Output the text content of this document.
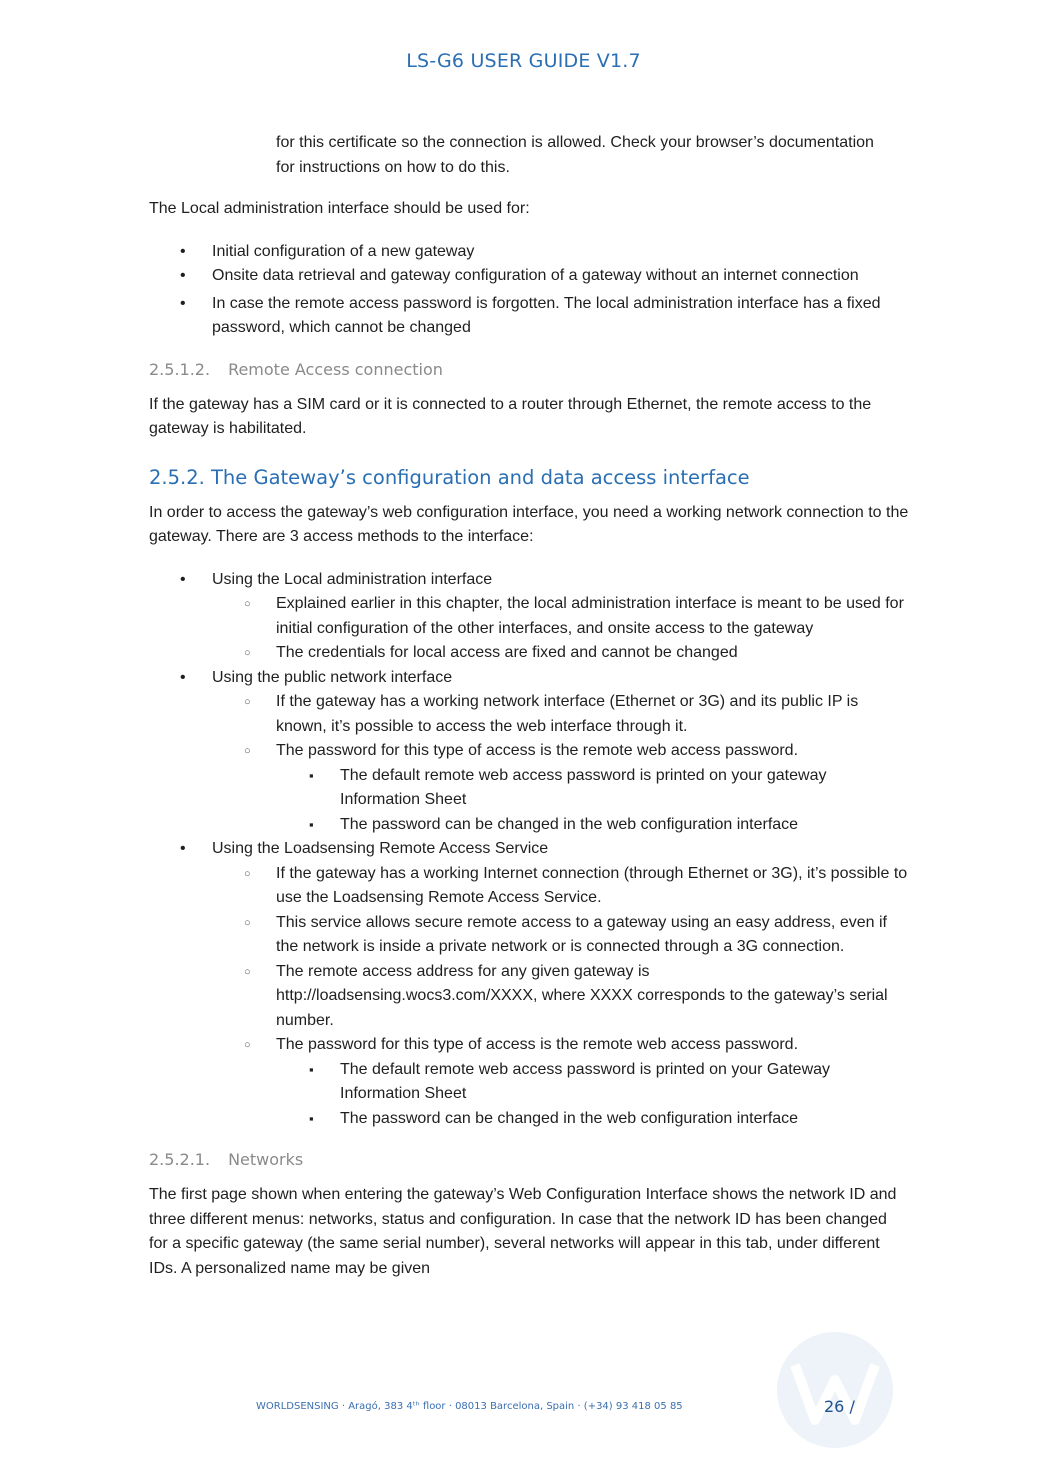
LS-G6 USER GUIDE V1.7

for this certificate so the connection is allowed. Check your browser’s documentation for instructions on how to do this.

The Local administration interface should be used for:

• Initial configuration of a new gateway
• Onsite data retrieval and gateway configuration of a gateway without an internet connection
• In case the remote access password is forgotten. The local administration interface has a fixed password, which cannot be changed
2.5.1.2. Remote Access connection

If the gateway has a SIM card or it is connected to a router through Ethernet, the remote access to the gateway is habilitated.

2.5.2. The Gateway’s configuration and data access interface

In order to access the gateway’s web configuration interface, you need a working network connection to the gateway. There are 3 access methods to the interface:

• Using the Local administration interface
○ Explained earlier in this chapter, the local administration interface is meant to be used for initial configuration of the other interfaces, and onsite access to the gateway
○ The credentials for local access are fixed and cannot be changed
• Using the public network interface
○ If the gateway has a working network interface (Ethernet or 3G) and its public IP is known, it’s possible to access the web interface through it.
○ The password for this type of access is the remote web access password.
▪ The default remote web access password is printed on your gateway Information Sheet
▪ The password can be changed in the web configuration interface
• Using the Loadsensing Remote Access Service
○ If the gateway has a working Internet connection (through Ethernet or 3G), it’s possible to use the Loadsensing Remote Access Service.
○ This service allows secure remote access to a gateway using an easy address, even if the network is inside a private network or is connected through a 3G connection.
○ The remote access address for any given gateway is http://loadsensing.wocs3.com/XXXX, where XXXX corresponds to the gateway’s serial number.
○ The password for this type of access is the remote web access password.
▪ The default remote web access password is printed on your Gateway Information Sheet
▪ The password can be changed in the web configuration interface
2.5.2.1. Networks

The first page shown when entering the gateway’s Web Configuration Interface shows the network ID and three different menus: networks, status and configuration. In case that the network ID has been changed for a specific gateway (the same serial number), several networks will appear in this tab, under different IDs. A personalized name may be given

WORLDSENSING · Aragó, 383 4ᵗʰ floor · 08013 Barcelona, Spain · (+34) 93 418 05 85	26 /
